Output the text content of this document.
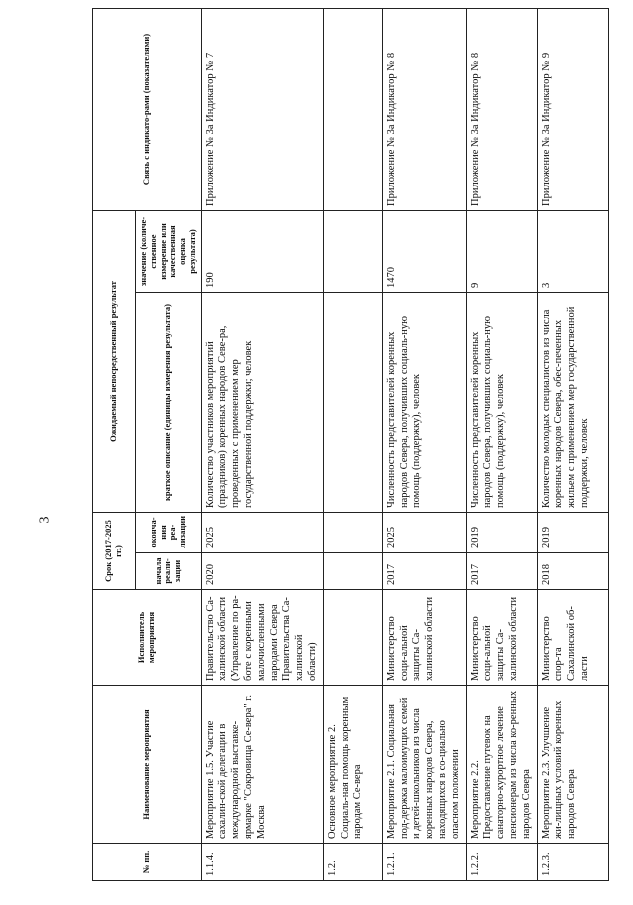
3
№ пп.	Наименование мероприятия	Исполнитель мероприятия	Срок (2017-2025 гг.)		Ожидаемый непосредственный результат		Связь с индикато-рами (показателями)
			начала реали-зации	оконча-ния реа-лизации	краткое описание (единицы измерения результата)	значение (количе-ственное измерение или качественная оценка результата)	
1.1.4.	Мероприятие 1.5. Участие сахалин-ской делегации в международной выставке-ярмарке "Сокровища Се-вера" г. Москва	Правительство Са-халинской области (Управление по ра-боте с коренными малочисленными народами Севера Правительства Са-халинской области)	2020	2025	Количество участников мероприятий (праздников) коренных народов Севе-ра, проведенных с применением мер государственной поддержки; человек	190	Приложение № 3а Индикатор № 7
1.2.	Основное мероприятие 2. Социаль-ная помощь коренным народам Се-вера						
1.2.1.	Мероприятие 2.1. Социальная под-держка малоимущих семей и детей-школьников из числа коренных народов Севера, находящихся в со-циально опасном положении	Министерство соци-альной защиты Са-халинской области	2017	2025	Численность представителей коренных народов Севера, получивших социаль-ную помощь (поддержку), человек	1470	Приложение № 3а Индикатор № 8
1.2.2.	Мероприятие 2.2. Предоставление путевок на санаторно-курортное лечение пенсионерам из числа ко-ренных народов Севера	Министерство соци-альной защиты Са-халинской области	2017	2019	Численность представителей коренных народов Севера, получивших социаль-ную помощь (поддержку), человек	9	Приложение № 3а Индикатор № 8
1.2.3.	Мероприятие 2.3. Улучшение жи-лищных условий коренных народов Севера	Министерство спор-та Сахалинской об-ласти	2018	2019	Количество молодых специалистов из числа коренных народов Севера, обес-печенных жильем с применением мер государственной поддержки, человек	3	Приложение № 3а Индикатор № 9
